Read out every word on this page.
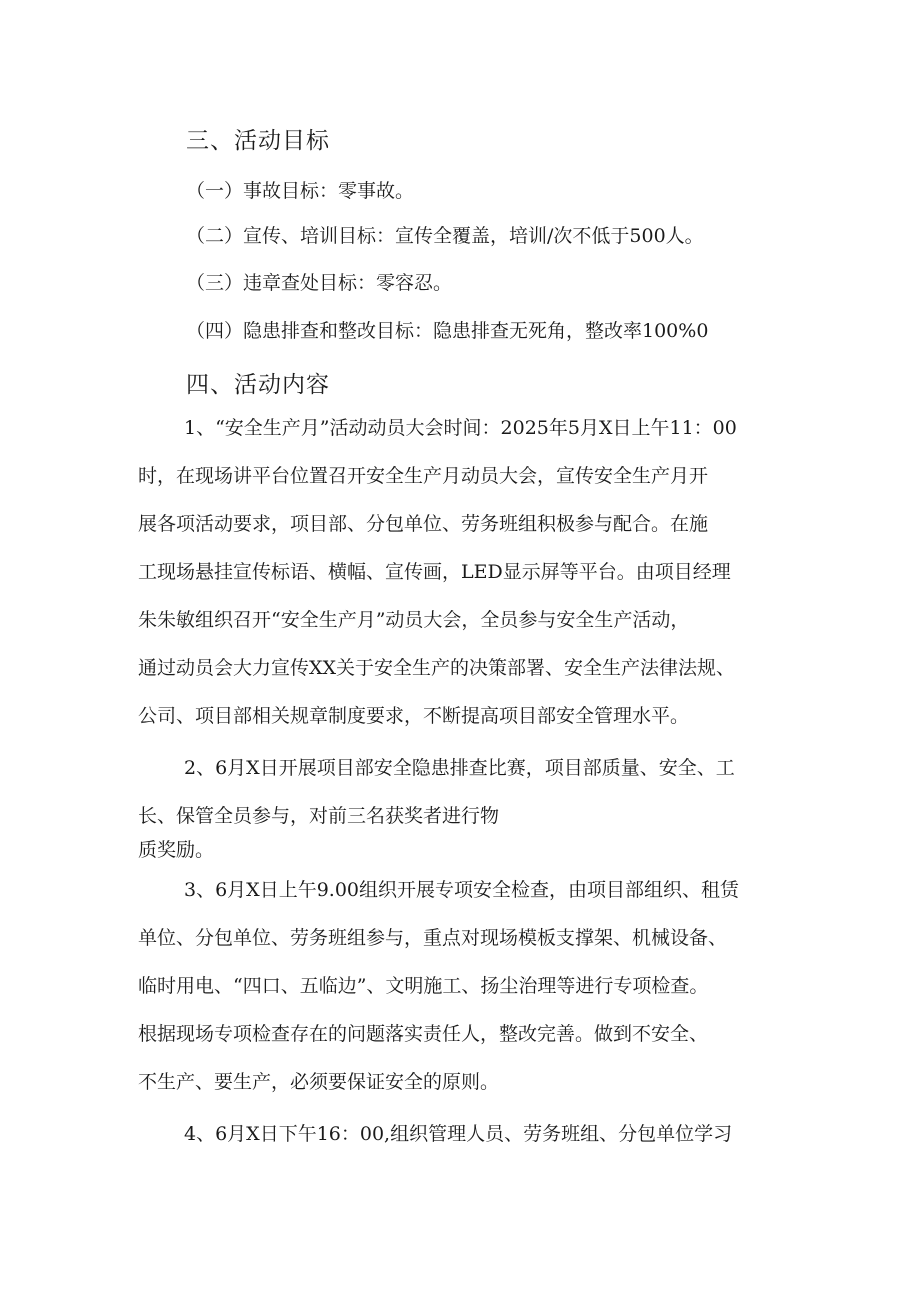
三、活动目标

（一）事故目标：零事故。

（二）宣传、培训目标：宣传全覆盖，培训/次不低于500人。

（三）违章查处目标：零容忍。

（四）隐患排查和整改目标：隐患排查无死角，整改率100%0

四、活动内容
1、“安全生产月”活动动员大会时间：2025年5月X日上午11：00
时，在现场讲平台位置召开安全生产月动员大会，宣传安全生产月开
展各项活动要求，项目部、分包单位、劳务班组积极参与配合。在施
工现场悬挂宣传标语、横幅、宣传画，LED显示屏等平台。由项目经理
朱朱敏组织召开“安全生产月”动员大会，全员参与安全生产活动，
通过动员会大力宣传XX关于安全生产的决策部署、安全生产法律法规、
公司、项目部相关规章制度要求，不断提高项目部安全管理水平。
2、6月X日开展项目部安全隐患排查比赛，项目部质量、安全、工
长、保管全员参与，对前三名获奖者进行物
质奖励。
3、6月X日上午9.00组织开展专项安全检查，由项目部组织、租赁
单位、分包单位、劳务班组参与，重点对现场模板支撑架、机械设备、
临时用电、“四口、五临边”、文明施工、扬尘治理等进行专项检查。
根据现场专项检查存在的问题落实责任人，整改完善。做到不安全、
不生产、要生产，必须要保证安全的原则。
4、6月X日下午16：00,组织管理人员、劳务班组、分包单位学习
